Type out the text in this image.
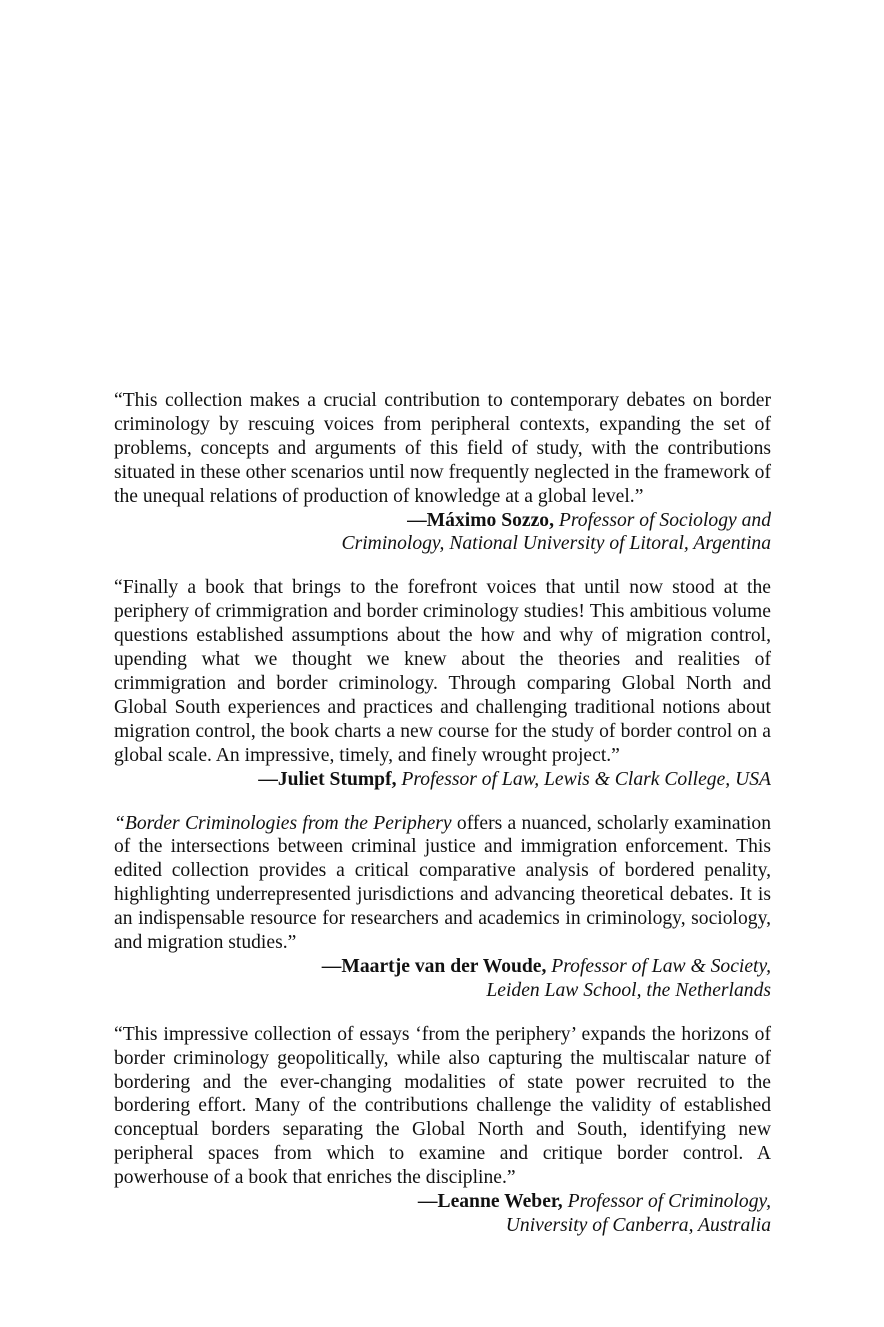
“This collection makes a crucial contribution to contemporary debates on border criminology by rescuing voices from peripheral contexts, expanding the set of problems, concepts and arguments of this field of study, with the contributions situated in these other scenarios until now frequently neglected in the framework of the unequal relations of production of knowledge at a global level.”

—Máximo Sozzo, Professor of Sociology and
Criminology, National University of Litoral, Argentina

“Finally a book that brings to the forefront voices that until now stood at the periphery of crimmigration and border criminology studies! This ambitious volume questions established assumptions about the how and why of migration control, upending what we thought we knew about the theories and realities of crimmigration and border criminology. Through comparing Global North and Global South experiences and practices and challenging traditional notions about migration control, the book charts a new course for the study of border control on a global scale. An impressive, timely, and finely wrought project.”

—Juliet Stumpf, Professor of Law, Lewis & Clark College, USA

“Border Criminologies from the Periphery offers a nuanced, scholarly examination of the intersections between criminal justice and immigration enforcement. This edited collection provides a critical comparative analysis of bordered penality, highlighting underrepresented jurisdictions and advancing theoretical debates. It is an indispensable resource for researchers and academics in criminology, sociology, and migration studies.”

—Maartje van der Woude, Professor of Law & Society,
Leiden Law School, the Netherlands

“This impressive collection of essays ‘from the periphery’ expands the horizons of border criminology geopolitically, while also capturing the multiscalar nature of bordering and the ever-changing modalities of state power recruited to the bordering effort. Many of the contributions challenge the validity of established conceptual borders separating the Global North and South, identifying new peripheral spaces from which to examine and critique border control. A powerhouse of a book that enriches the discipline.”

—Leanne Weber, Professor of Criminology,
University of Canberra, Australia
